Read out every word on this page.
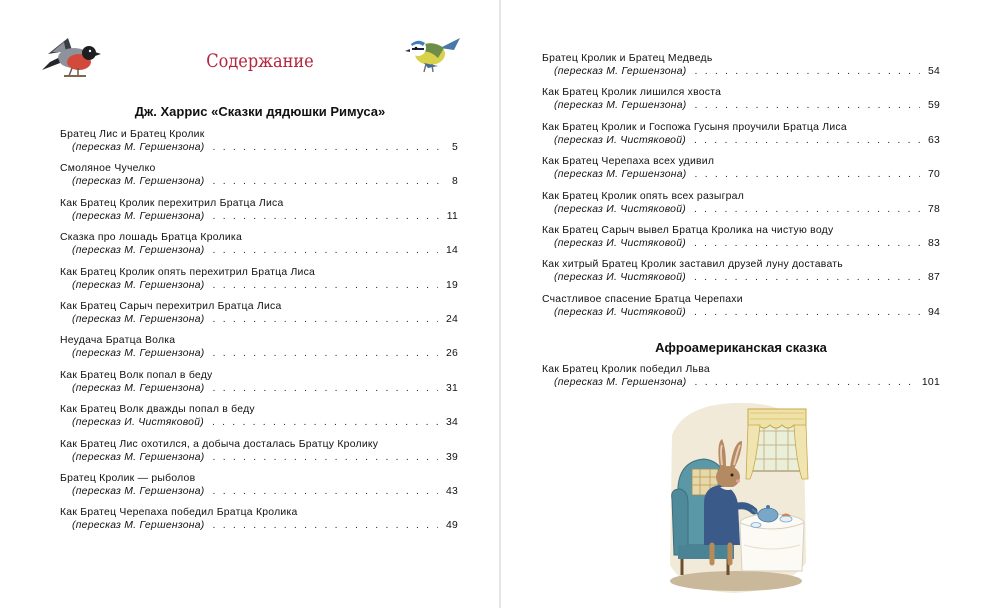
Содержание
Дж. Харрис «Сказки дядюшки Римуса»
Братец Лис и Братец Кролик
(пересказ М. Гершензона) . . .	5
Смоляное Чучелко
(пересказ М. Гершензона) . . .	8
Как Братец Кролик перехитрил Братца Лиса
(пересказ М. Гершензона) . . .	11
Сказка про лошадь Братца Кролика
(пересказ М. Гершензона) . . .	14
Как Братец Кролик опять перехитрил Братца Лиса
(пересказ М. Гершензона) . . .	19
Как Братец Сарыч перехитрил Братца Лиса
(пересказ М. Гершензона) . . .	24
Неудача Братца Волка
(пересказ М. Гершензона) . . .	26
Как Братец Волк попал в беду
(пересказ М. Гершензона) . . .	31
Как Братец Волк дважды попал в беду
(пересказ И. Чистяковой) . . .	34
Как Братец Лис охотился, а добыча досталась Братцу Кролику
(пересказ М. Гершензона) . . .	39
Братец Кролик — рыболов
(пересказ М. Гершензона) . . .	43
Как Братец Черепаха победил Братца Кролика
(пересказ М. Гершензона) . . .	49
Братец Кролик и Братец Медведь
(пересказ М. Гершензона) . . .	54
Как Братец Кролик лишился хвоста
(пересказ М. Гершензона) . . .	59
Как Братец Кролик и Госпожа Гусыня проучили Братца Лиса
(пересказ И. Чистяковой) . . .	63
Как Братец Черепаха всех удивил
(пересказ М. Гершензона) . . .	70
Как Братец Кролик опять всех разыграл
(пересказ И. Чистяковой) . . .	78
Как Братец Сарыч вывел Братца Кролика на чистую воду
(пересказ И. Чистяковой) . . .	83
Как хитрый Братец Кролик заставил друзей луну доставать
(пересказ И. Чистяковой) . . .	87
Счастливое спасение Братца Черепахи
(пересказ И. Чистяковой) . . .	94
Афроамериканская сказка
Как Братец Кролик победил Льва
(пересказ М. Гершензона) . . .	101
